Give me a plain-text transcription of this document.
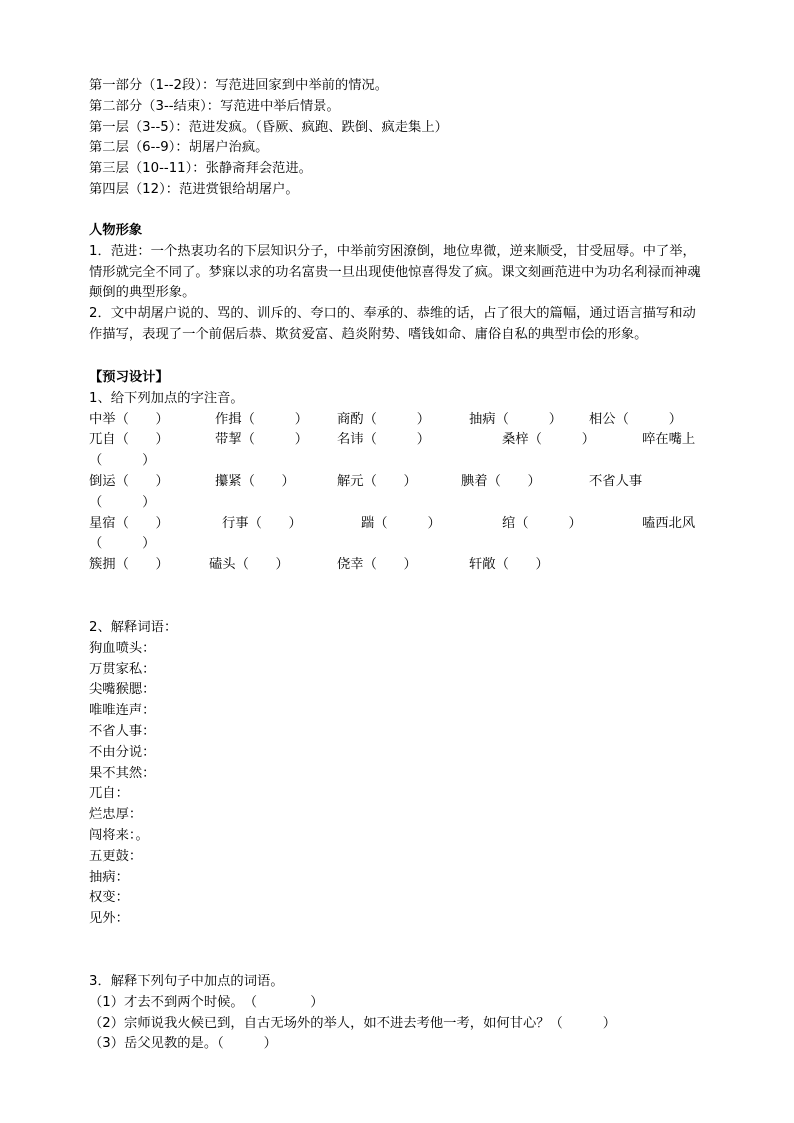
第一部分（1--2段）：写范进回家到中举前的情况。
第二部分（3--结束）：写范进中举后情景。
第一层（3--5）：范进发疯。（昏厥、疯跑、跌倒、疯走集上）
第二层（6--9）：胡屠户治疯。
第三层（10--11）：张静斋拜会范进。
第四层（12）：范进赏银给胡屠户。
人物形象
1．范进：一个热衷功名的下层知识分子，中举前穷困潦倒，地位卑微，逆来顺受，甘受屈辱。中了举，情形就完全不同了。梦寐以求的功名富贵一旦出现使他惊喜得发了疯。课文刻画范进中为功名利禄而神魂颠倒的典型形象。
2．文中胡屠户说的、骂的、训斥的、夸口的、奉承的、恭维的话，占了很大的篇幅，通过语言描写和动作描写，表现了一个前倨后恭、欺贫爱富、趋炎附势、嗜钱如命、庸俗自私的典型市侩的形象。
【预习设计】
1、给下列加点的字注音。
中举（　　）	作揖（　　　） 商酌（　　　）	抽病（　　　） 相公（　　　）
兀自（　　）	带挈（　　　） 名讳（　　　）	桑梓（　　　）	啐在嘴上
（　　　）
倒运（　　）	攥紧（　　）	解元（　　）	腆着（　　）	不省人事
（　　　）
星宿（　　）	行事（　　）	踹（　　　）	绾（　　　）	嗑西北风
（　　　）
簇拥（　　）	磕头（　　）	侥幸（　　）	轩敞（　　）
2、解释词语：
狗血喷头：
万贯家私：
尖嘴猴腮：
唯唯连声：
不省人事：
不由分说：
果不其然：
兀自：
烂忠厚：
闯将来：。
五更鼓：
抽病：
权变：
见外：
3．解释下列句子中加点的词语。
（1）才去不到两个时候。　（　　　　）
（2）宗师说我火候已到，自古无场外的举人，如不进去考他一考，如何甘心？（　　　）
（3）岳父见教的是。（　　　）
